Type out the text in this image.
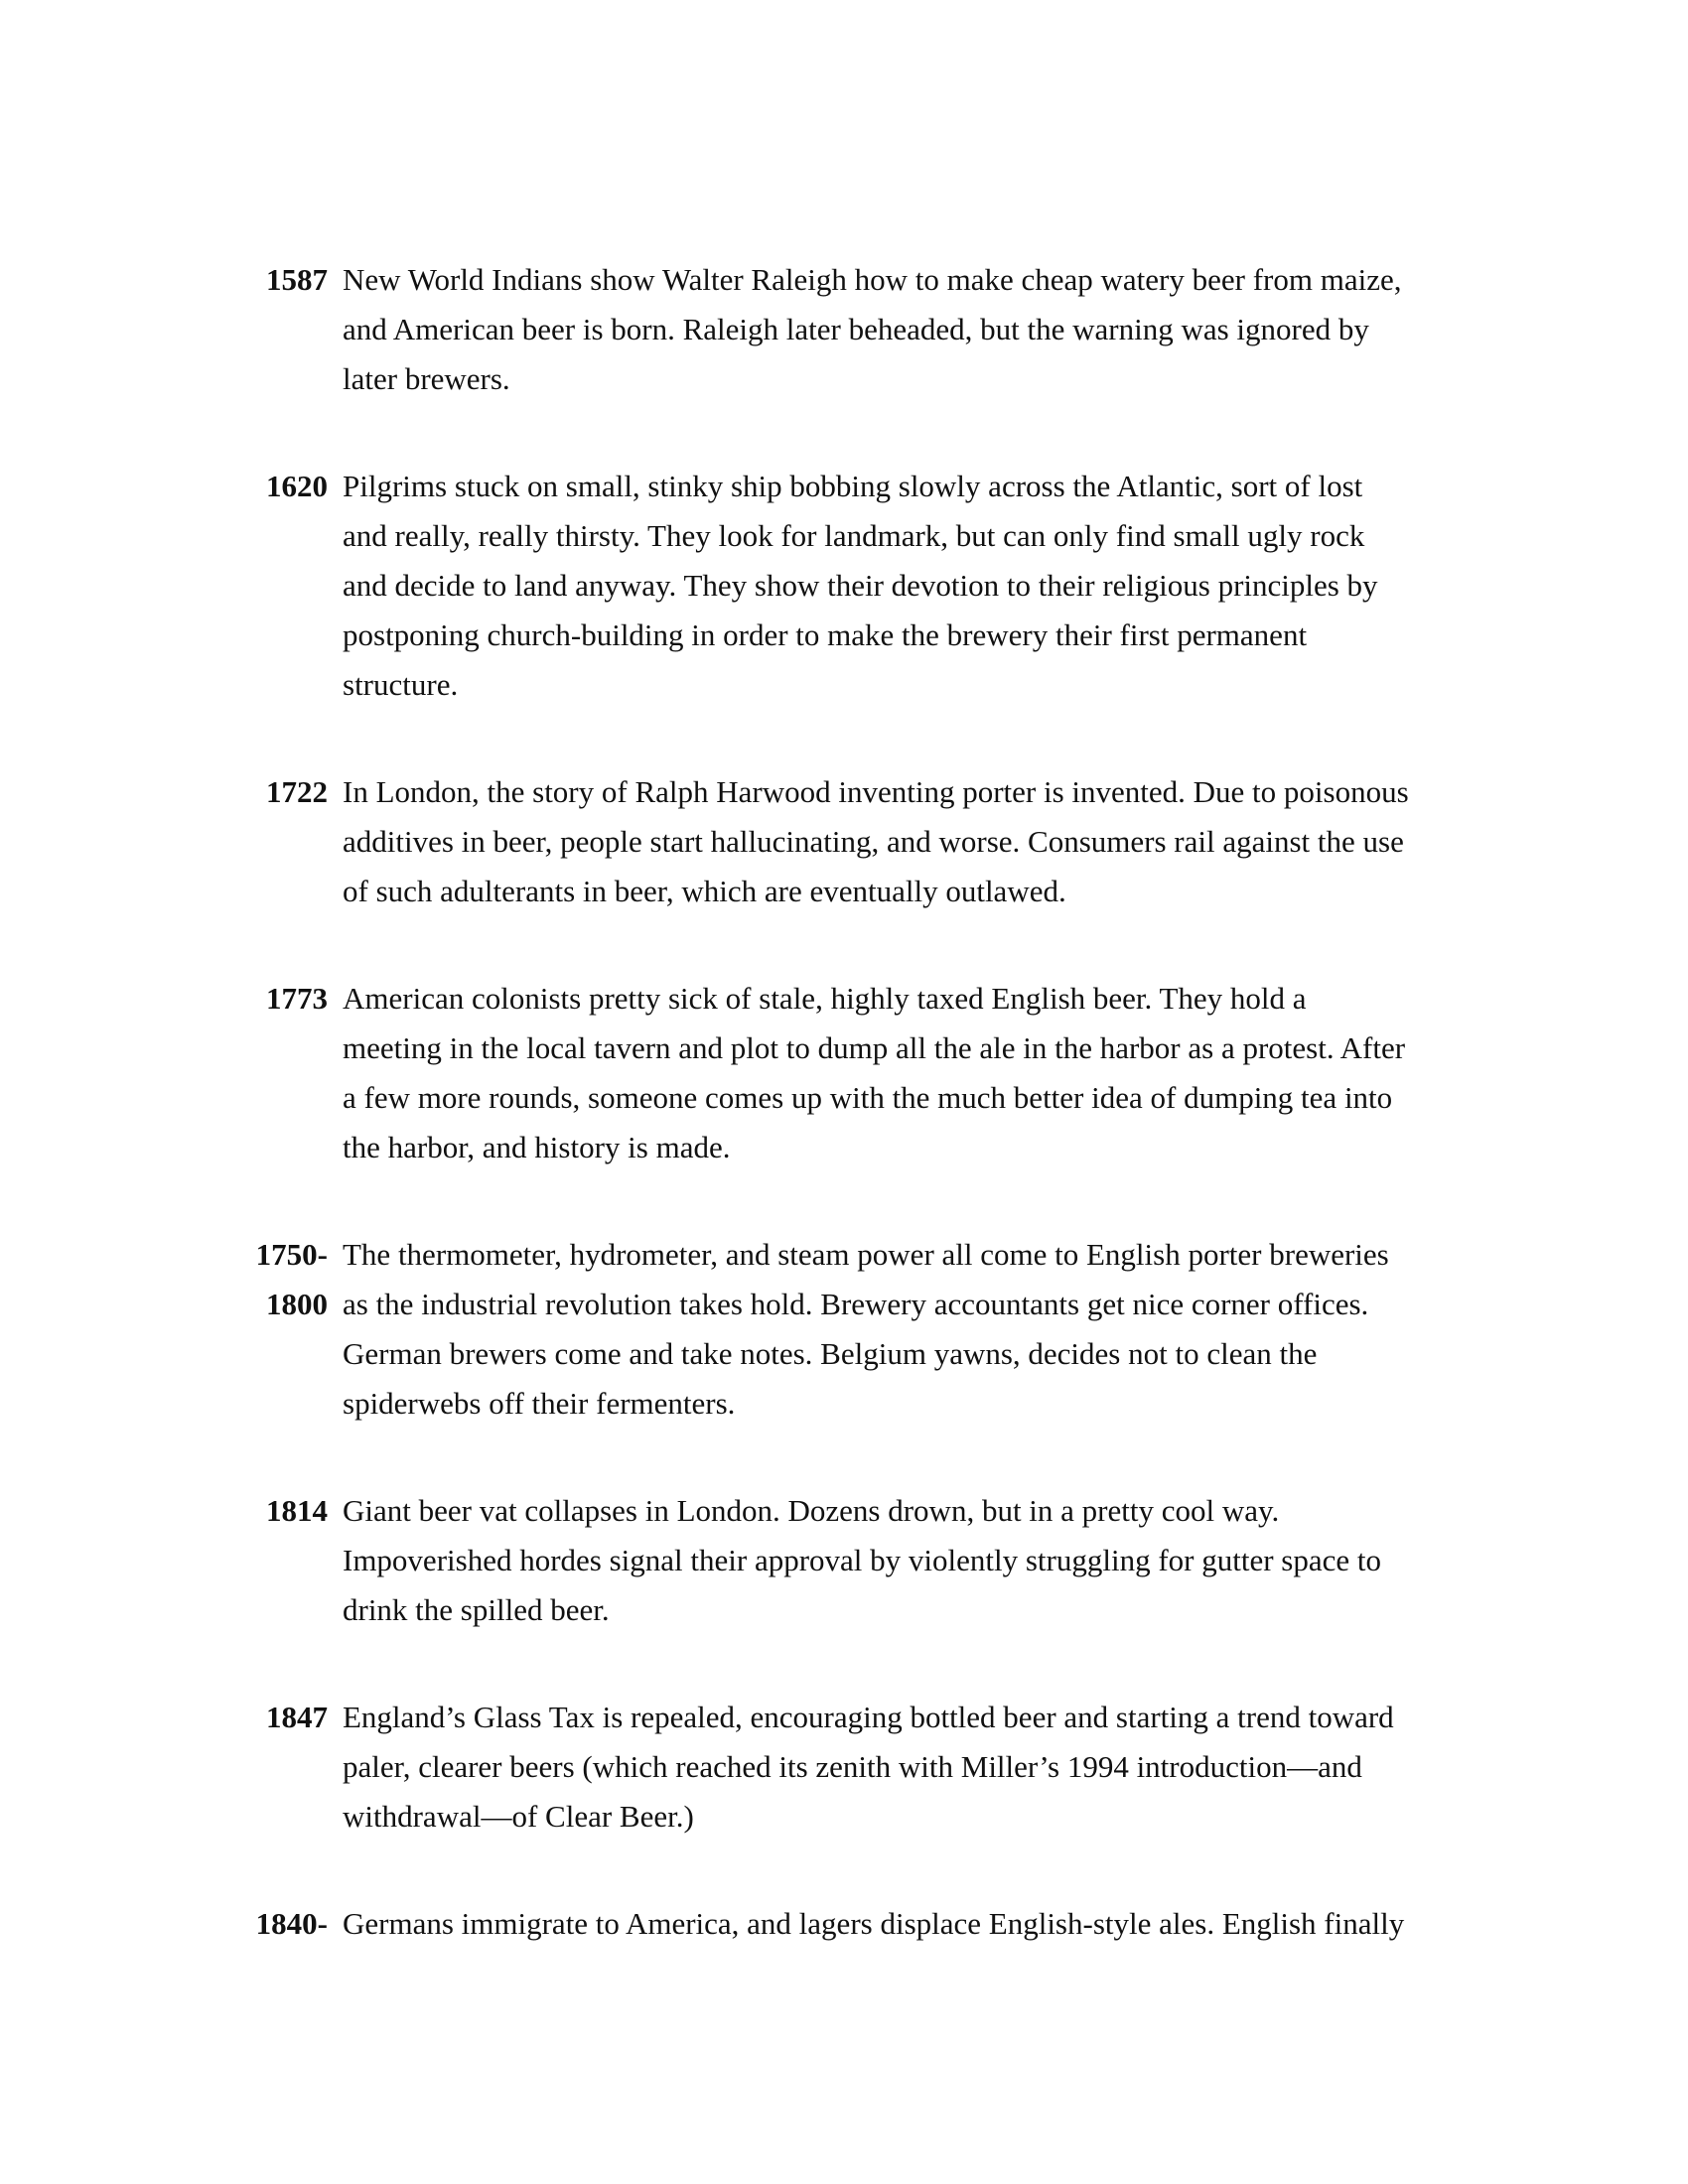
1587 New World Indians show Walter Raleigh how to make cheap watery beer from maize,
and American beer is born. Raleigh later beheaded, but the warning was ignored by
later brewers.
1620 Pilgrims stuck on small, stinky ship bobbing slowly across the Atlantic, sort of lost
and really, really thirsty. They look for landmark, but can only find small ugly rock
and decide to land anyway. They show their devotion to their religious principles by
postponing church-building in order to make the brewery their first permanent
structure.
1722 In London, the story of Ralph Harwood inventing porter is invented. Due to poisonous
additives in beer, people start hallucinating, and worse. Consumers rail against the use
of such adulterants in beer, which are eventually outlawed.
1773 American colonists pretty sick of stale, highly taxed English beer. They hold a
meeting in the local tavern and plot to dump all the ale in the harbor as a protest. After
a few more rounds, someone comes up with the much better idea of dumping tea into
the harbor, and history is made.
1750-
1800
The thermometer, hydrometer, and steam power all come to English porter breweries
as the industrial revolution takes hold. Brewery accountants get nice corner offices.
German brewers come and take notes. Belgium yawns, decides not to clean the
spiderwebs off their fermenters.
1814 Giant beer vat collapses in London. Dozens drown, but in a pretty cool way.
Impoverished hordes signal their approval by violently struggling for gutter space to
drink the spilled beer.
1847 England’s Glass Tax is repealed, encouraging bottled beer and starting a trend toward
paler, clearer beers (which reached its zenith with Miller’s 1994 introduction—and
withdrawal—of Clear Beer.)
1840- Germans immigrate to America, and lagers displace English-style ales. English finally
